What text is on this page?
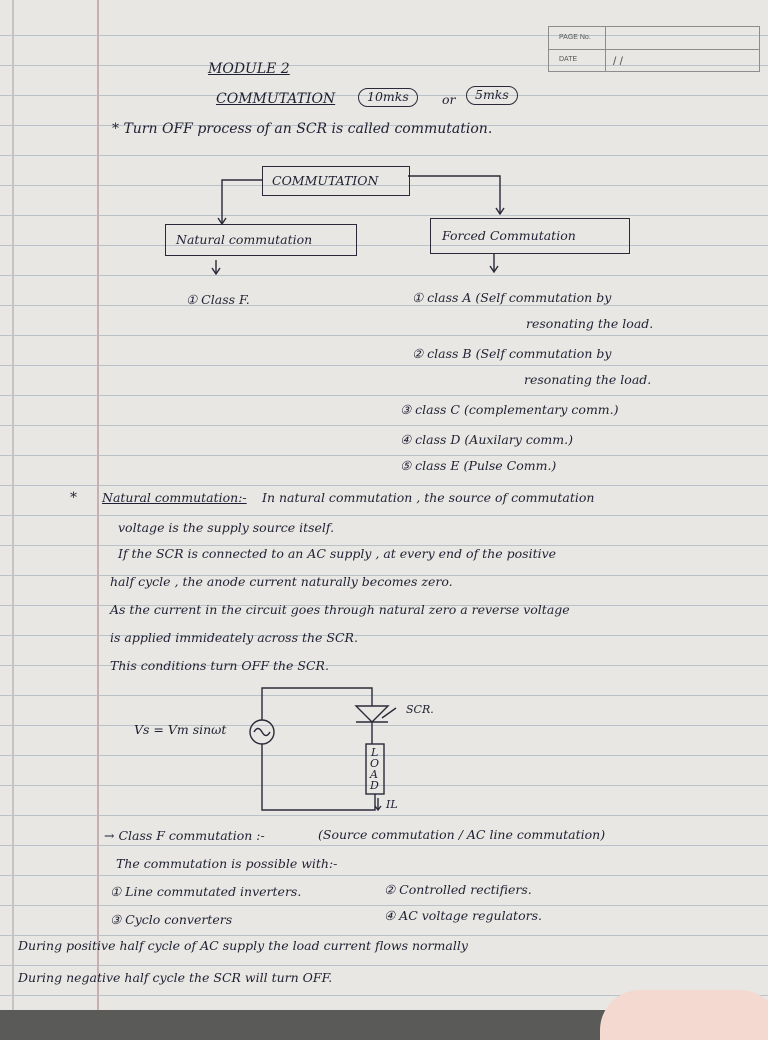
PAGE No.
DATE	/ /
MODULE 2
COMMUTATION	10mks	or	5mks
* Turn OFF process of an SCR is called commutation.
COMMUTATION
Natural commutation	Forced Commutation
① Class F.	① class A (Self commutation by
resonating the load.
② class B (Self commutation by
resonating the load.
③ class C (complementary comm.)
④ class D (Auxilary comm.)
⑤ class E (Pulse Comm.)
* Natural commutation:- In natural commutation , the source of commutation
voltage is the supply source itself.
If the SCR is connected to an AC supply , at every end of the positive
half cycle , the anode current naturally becomes zero.
As the current in the circuit goes through natural zero a reverse voltage
is applied immideately across the SCR.
This conditions turn OFF the SCR.
Vs = Vm sinωt
SCR.
L
O
A
D
IL
→ Class F commutation :-	(Source commutation / AC line commutation)
The commutation is possible with:-
① Line commutated inverters.	② Controlled rectifiers.
③ Cyclo converters	④ AC voltage regulators.
During positive half cycle of AC supply the load current flows normally
During negative half cycle the SCR will turn OFF.
